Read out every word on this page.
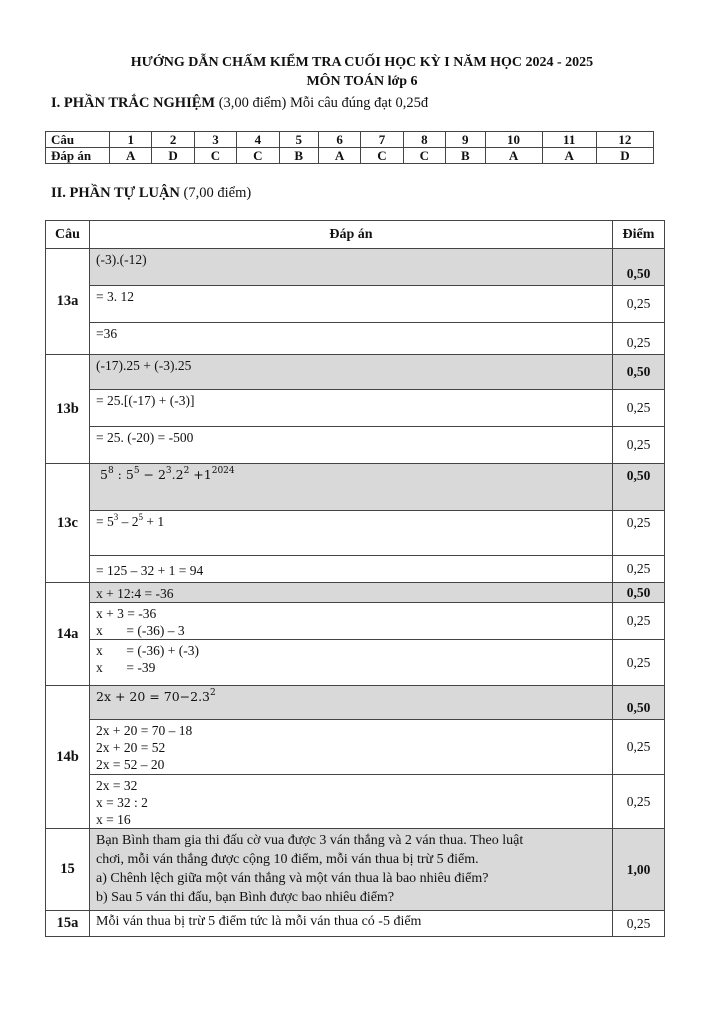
HƯỚNG DẪN CHẤM KIỂM TRA CUỐI HỌC KỲ I NĂM HỌC 2024 - 2025
MÔN TOÁN lớp 6
I. PHẦN TRẮC NGHIỆM (3,00 điểm) Mỗi câu đúng đạt 0,25đ
Câu	1	2	3	4	5	6	7	8	9	10	11	12
Đáp án	A	D	C	C	B	A	C	C	B	A	A	D
II. PHẦN TỰ LUẬN (7,00 điểm)
Câu	Đáp án	Điểm
13a	(-3).(-12)	0,50
	= 3. 12	0,25
	=36	0,25
13b	(-17).25 + (-3).25	0,50
	= 25.[(-17) + (-3)]	0,25
	= 25. (-20) = -500	0,25
13c	$5^8$ : $5^5 - 2^3.2^2 +1^{2024}$	0,50
	= $5^3 - 2^5 + 1$	0,25
	= 125 – 32 + 1 = 94	0,25
14a	x + 12:4 = -36	0,50

	x + 3 = -36
x       = (-36) – 3	0,25

	x       = (-36) + (-3)
x       = -39	0,25
14b	$2x + 20 = 70-2.3^2$	0,50

	2x + 20 = 70 – 18
2x + 20 = 52
2x = 52 – 20	0,25

	2x = 32
x = 32 : 2
x = 16	0,25
15	Bạn Bình tham gia thi đấu cờ vua được 3 ván thắng và 2 ván thua. Theo luật
chơi, mỗi ván thắng được cộng 10 điểm, mỗi ván thua bị trừ 5 điểm.
a) Chênh lệch giữa một ván thắng và một ván thua là bao nhiêu điểm?
b) Sau 5 ván thi đấu, bạn Bình được bao nhiêu điểm?	1,00
15a	Mỗi ván thua bị trừ 5 điểm tức là mỗi ván thua có -5 điểm	0,25
